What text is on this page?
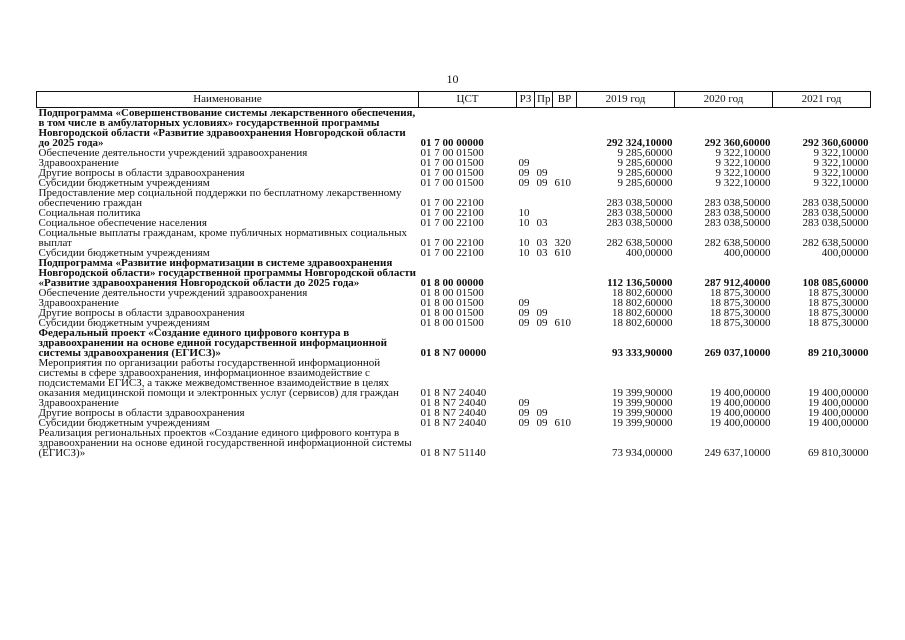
10
Наименование	ЦСТ	РЗ	Пр	ВР	2019 год	2020 год	2021 год
Подпрограмма «Совершенствование системы лекарственного обеспечения, в том числе в амбулаторных условиях» государственной программы Новгородской области «Развитие здравоохранения Новгородской области до 2025 года»	01 7 00 00000				292 324,10000	292 360,60000	292 360,60000
Обеспечение деятельности учреждений здравоохранения	01 7 00 01500				9 285,60000	9 322,10000	9 322,10000
Здравоохранение	01 7 00 01500	09			9 285,60000	9 322,10000	9 322,10000
Другие вопросы в области здравоохранения	01 7 00 01500	09	09		9 285,60000	9 322,10000	9 322,10000
Субсидии бюджетным учреждениям	01 7 00 01500	09	09	610	9 285,60000	9 322,10000	9 322,10000
Предоставление мер социальной поддержки по бесплатному лекарственному обеспечению граждан	01 7 00 22100				283 038,50000	283 038,50000	283 038,50000
Социальная политика	01 7 00 22100	10			283 038,50000	283 038,50000	283 038,50000
Социальное обеспечение населения	01 7 00 22100	10	03		283 038,50000	283 038,50000	283 038,50000
Социальные выплаты гражданам, кроме публичных нормативных социальных выплат	01 7 00 22100	10	03	320	282 638,50000	282 638,50000	282 638,50000
Субсидии бюджетным учреждениям	01 7 00 22100	10	03	610	400,00000	400,00000	400,00000
Подпрограмма «Развитие информатизации в системе здравоохранения Новгородской области» государственной программы Новгородской области «Развитие здравоохранения Новгородской области до 2025 года»	01 8 00 00000				112 136,50000	287 912,40000	108 085,60000
Обеспечение деятельности учреждений здравоохранения	01 8 00 01500				18 802,60000	18 875,30000	18 875,30000
Здравоохранение	01 8 00 01500	09			18 802,60000	18 875,30000	18 875,30000
Другие вопросы в области здравоохранения	01 8 00 01500	09	09		18 802,60000	18 875,30000	18 875,30000
Субсидии бюджетным учреждениям	01 8 00 01500	09	09	610	18 802,60000	18 875,30000	18 875,30000
Федеральный проект «Создание единого цифрового контура в здравоохранении на основе единой государственной информационной системы здравоохранения (ЕГИСЗ)»	01 8 N7 00000				93 333,90000	269 037,10000	89 210,30000
Мероприятия по организации работы государственной информационной системы в сфере здравоохранения, информационное взаимодействие с подсистемами ЕГИСЗ, а также межведомственное взаимодействие в целях оказания медицинской помощи и электронных услуг (сервисов) для граждан	01 8 N7 24040				19 399,90000	19 400,00000	19 400,00000
Здравоохранение	01 8 N7 24040	09			19 399,90000	19 400,00000	19 400,00000
Другие вопросы в области здравоохранения	01 8 N7 24040	09	09		19 399,90000	19 400,00000	19 400,00000
Субсидии бюджетным учреждениям	01 8 N7 24040	09	09	610	19 399,90000	19 400,00000	19 400,00000
Реализация региональных проектов «Создание единого цифрового контура в здравоохранении на основе единой государственной информационной системы (ЕГИСЗ)»	01 8 N7 51140				73 934,00000	249 637,10000	69 810,30000
